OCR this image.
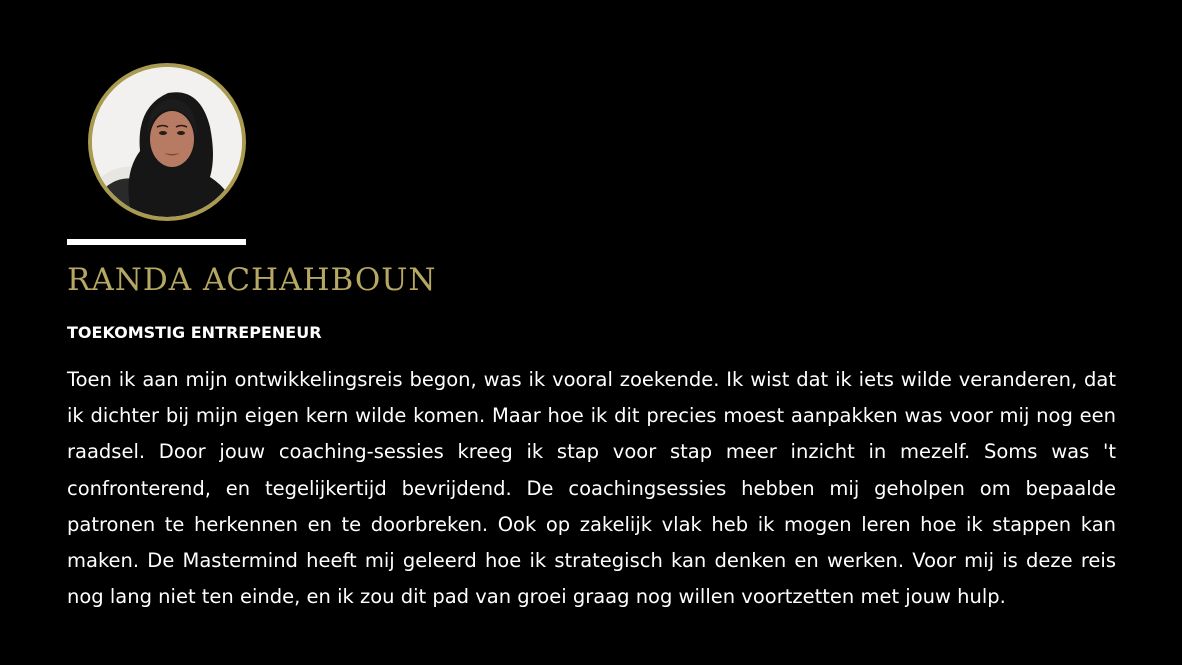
RANDA ACHAHBOUN
TOEKOMSTIG ENTREPENEUR

Toen ik aan mijn ontwikkelingsreis begon, was ik vooral zoekende. Ik wist dat ik iets wilde veranderen, dat ik dichter bij mijn eigen kern wilde komen. Maar hoe ik dit precies moest aanpakken was voor mij nog een raadsel. Door jouw coaching-sessies kreeg ik stap voor stap meer inzicht in mezelf. Soms was 't confronterend, en tegelijkertijd bevrijdend. De coachingsessies hebben mij geholpen om bepaalde patronen te herkennen en te doorbreken. Ook op zakelijk vlak heb ik mogen leren hoe ik stappen kan maken. De Mastermind heeft mij geleerd hoe ik strategisch kan denken en werken. Voor mij is deze reis nog lang niet ten einde, en ik zou dit pad van groei graag nog willen voortzetten met jouw hulp.
